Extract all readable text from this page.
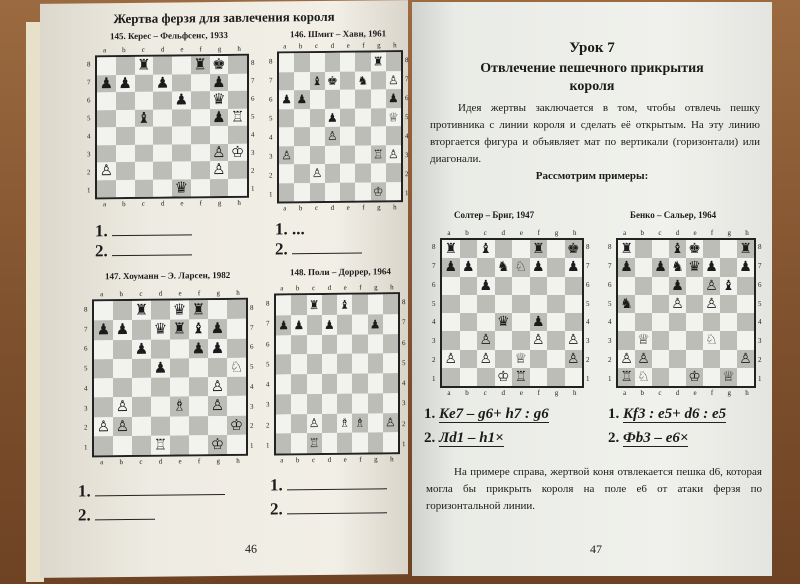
Жертва ферзя для завлечения короля
145. Керес – Фельфсенс, 1933	146. Шмит – Хавн, 1961
147. Хоуманн – Э. Ларсен, 1982	148. Поли – Доррер, 1964
♜	♜ ♚
♟ ♟ ♟	♟
♟ ♛
♝	♟ ♖
♙ ♔
♙	♙
♛
♜
♝ ♚ ♞ ♙
♟ ♟	♟
♟	♕
♙
♙	♖ ♙
♙
♔
♜ ♛ ♜
♟ ♟ ♛ ♜ ♝ ♟
♟	♟ ♟
♟	♘
♙
♙	♗ ♙
♙ ♙	♔
♖	♔
♜ ♝
♟ ♟ ♟	♟
♙ ♗ ♗ ♙
♖
1.
2.
1. ...
2.
1.
2.
1.
2.
46
a b c d e f g h
a b c d e f g h
8
7
6
5
4
3
2
1
8
7
6
5
4
3
2
1
a b c d e f g h
a b c d e f g h
8
7
6
5
4
3
2
1
8
7
6
5
4
3
2
1
a b c d e f g h
a b c d e f g h
8
7
6
5
4
3
2
1
8
7
6
5
4
3
2
1
a b c d e f g h
a b c d e f g h
8
7
6
5
4
3
2
1
8
7
6
5
4
3
2
1
Урок 7
Отвлечение пешечного прикрытия короля
Идея жертвы заключается в том, чтобы отвлечь пешку противника с линии короля и сделать её открытым. На эту линию вторгается фигура и объявляет мат по вертикали (горизонтали) или диагонали.
Рассмотрим примеры:
Солтер – Бриг, 1947	Бенко – Сальер, 1964
♜ ♝	♜ ♚
♟ ♟ ♞ ♘ ♟ ♟
♟
♛ ♟
♙	♙ ♙
♙ ♙ ♕	♙
♔ ♖
♜	♝ ♚	♜
♟ ♟ ♞ ♛ ♟ ♟
♟ ♙ ♝
♞	♙ ♙
♕	♘
♙ ♙	♙
♖ ♘	♔ ♕
1. Ke7 – g6+ h7 : g6
2. Лd1 – h1×
1. Kf3 : e5+ d6 : e5
2. Фb3 – e6×
На примере справа, жертвой коня отвлекается пешка d6, которая могла бы прикрыть короля на поле e6 от атаки ферзя по горизонтальной линии.
47
a b c d e f g h
a b c d e f g h
8
7
6
5
4
3
2
1
8
7
6
5
4
3
2
1
a b c d e f g h
a b c d e f g h
8
7
6
5
4
3
2
1
8
7
6
5
4
3
2
1
